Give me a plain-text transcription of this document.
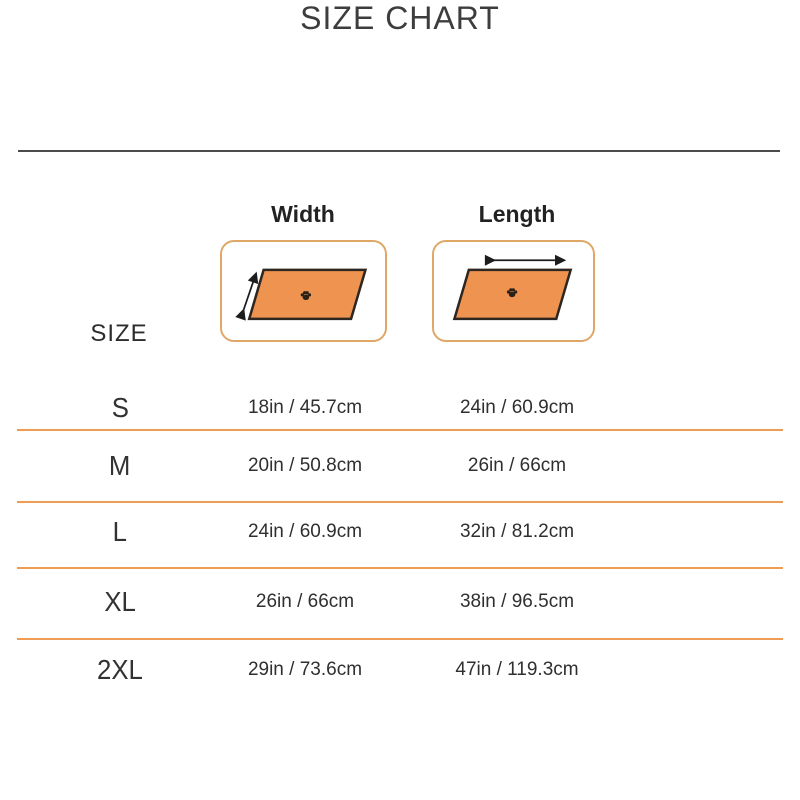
SIZE CHART
Width	Length
SIZE
S	18in / 45.7cm	24in / 60.9cm
M	20in / 50.8cm	26in / 66cm
L	24in / 60.9cm	32in / 81.2cm
XL	26in / 66cm	38in / 96.5cm
2XL	29in / 73.6cm	47in / 119.3cm
